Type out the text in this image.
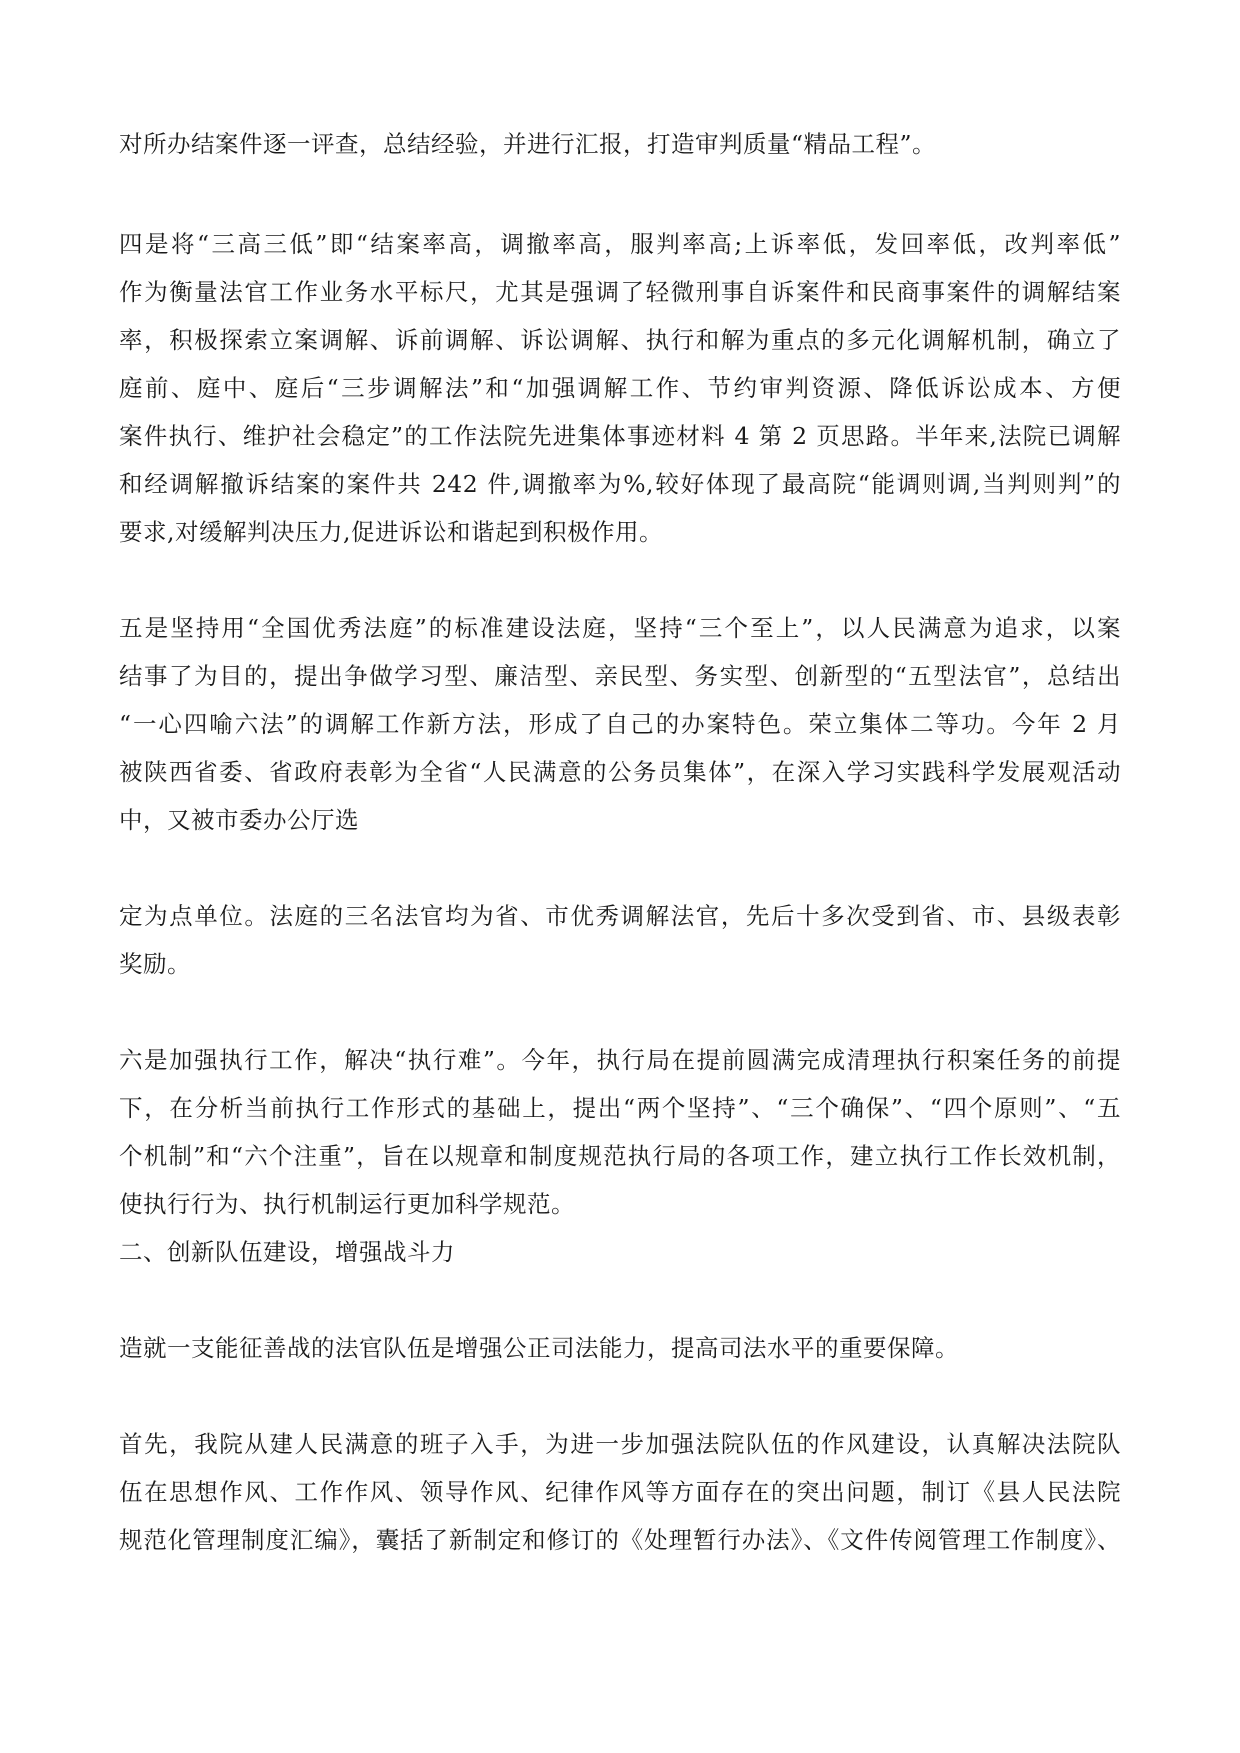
对所办结案件逐一评查，总结经验，并进行汇报，打造审判质量“精品工程”。
四是将“三高三低”即“结案率高，调撤率高，服判率高;上诉率低，发回率低，改判率低”
作为衡量法官工作业务水平标尺，尤其是强调了轻微刑事自诉案件和民商事案件的调解结案
率，积极探索立案调解、诉前调解、诉讼调解、执行和解为重点的多元化调解机制，确立了
庭前、庭中、庭后“三步调解法”和“加强调解工作、节约审判资源、降低诉讼成本、方便
案件执行、维护社会稳定”的工作法院先进集体事迹材料 4 第 2 页思路。半年来,法院已调解
和经调解撤诉结案的案件共 242 件,调撤率为%,较好体现了最高院“能调则调,当判则判”的
要求,对缓解判决压力,促进诉讼和谐起到积极作用。
五是坚持用“全国优秀法庭”的标准建设法庭，坚持“三个至上”，以人民满意为追求，以案
结事了为目的，提出争做学习型、廉洁型、亲民型、务实型、创新型的“五型法官”，总结出
“一心四喻六法”的调解工作新方法，形成了自己的办案特色。荣立集体二等功。今年 2 月
被陕西省委、省政府表彰为全省“人民满意的公务员集体”，在深入学习实践科学发展观活动
中，又被市委办公厅选
定为点单位。法庭的三名法官均为省、市优秀调解法官，先后十多次受到省、市、县级表彰
奖励。
六是加强执行工作，解决“执行难”。今年，执行局在提前圆满完成清理执行积案任务的前提
下，在分析当前执行工作形式的基础上，提出“两个坚持”、“三个确保”、“四个原则”、“五
个机制”和“六个注重”，旨在以规章和制度规范执行局的各项工作，建立执行工作长效机制，
使执行行为、执行机制运行更加科学规范。
二、创新队伍建设，增强战斗力
造就一支能征善战的法官队伍是增强公正司法能力，提高司法水平的重要保障。
首先，我院从建人民满意的班子入手，为进一步加强法院队伍的作风建设，认真解决法院队
伍在思想作风、工作作风、领导作风、纪律作风等方面存在的突出问题，制订《县人民法院
规范化管理制度汇编》，囊括了新制定和修订的《处理暂行办法》、《文件传阅管理工作制度》、
